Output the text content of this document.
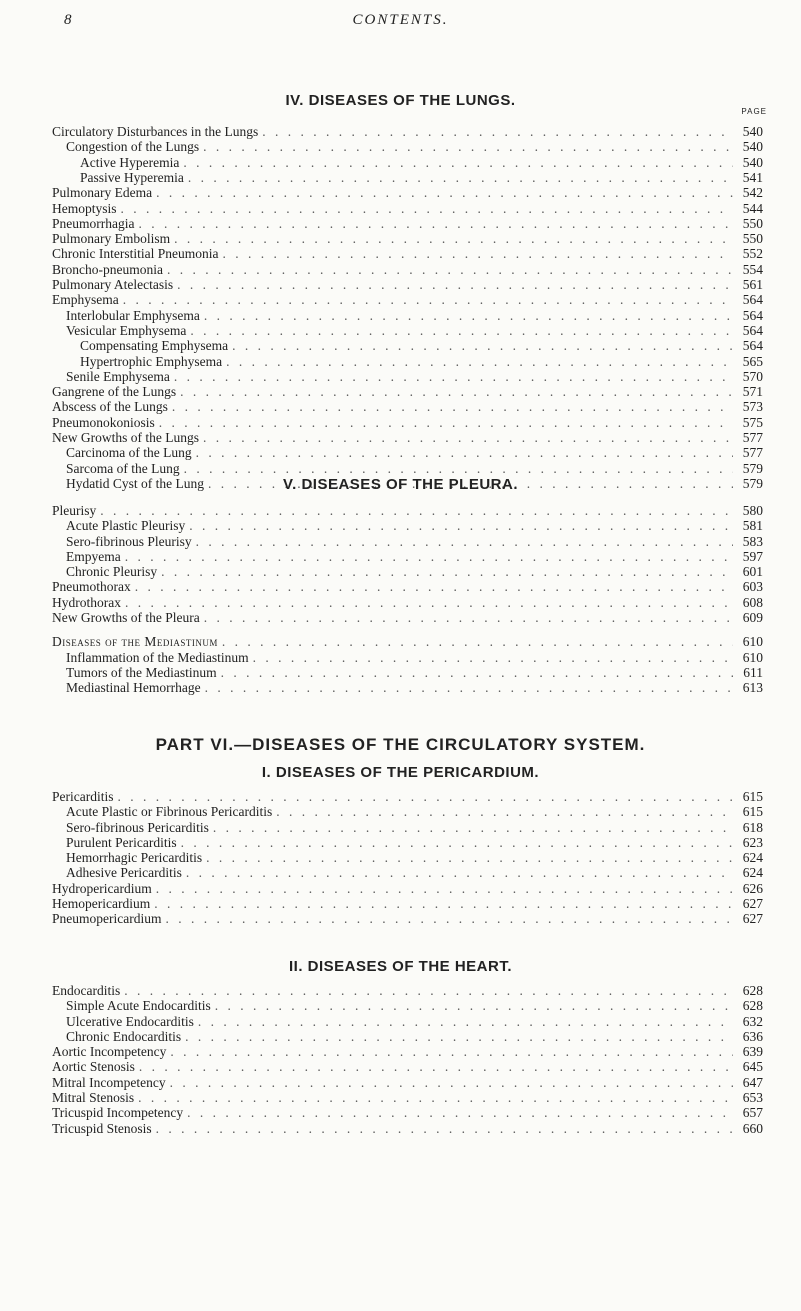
8	CONTENTS.
IV. DISEASES OF THE LUNGS.
PAGE
Circulatory Disturbances in the Lungs . . .	540
Congestion of the Lungs . . .	540
Active Hyperemia . . .	540
Passive Hyperemia . . .	541
Pulmonary Edema . . .	542
Hemoptysis . . .	544
Pneumorrhagia . . .	550
Pulmonary Embolism . . .	550
Chronic Interstitial Pneumonia . . .	552
Broncho-pneumonia . . .	554
Pulmonary Atelectasis . . .	561
Emphysema . . .	564
Interlobular Emphysema . . .	564
Vesicular Emphysema . . .	564
Compensating Emphysema . . .	564
Hypertrophic Emphysema . . .	565
Senile Emphysema . . .	570
Gangrene of the Lungs . . .	571
Abscess of the Lungs . . .	573
Pneumonokoniosis . . .	575
New Growths of the Lungs . . .	577
Carcinoma of the Lung . . .	577
Sarcoma of the Lung . . .	579
Hydatid Cyst of the Lung . . .	579
V. DISEASES OF THE PLEURA.
Pleurisy . . .	580
Acute Plastic Pleurisy . . .	581
Sero-fibrinous Pleurisy . . .	583
Empyema . . .	597
Chronic Pleurisy . . .	601
Pneumothorax . . .	603
Hydrothorax . . .	608
New Growths of the Pleura . . .	609
Diseases of the Mediastinum . . .	610
Inflammation of the Mediastinum . . .	610
Tumors of the Mediastinum . . .	611
Mediastinal Hemorrhage . . .	613
PART VI.—DISEASES OF THE CIRCULATORY SYSTEM.
I. DISEASES OF THE PERICARDIUM.
Pericarditis . . .	615
Acute Plastic or Fibrinous Pericarditis . . .	615
Sero-fibrinous Pericarditis . . .	618
Purulent Pericarditis . . .	623
Hemorrhagic Pericarditis . . .	624
Adhesive Pericarditis . . .	624
Hydropericardium . . .	626
Hemopericardium . . .	627
Pneumopericardium . . .	627
II. DISEASES OF THE HEART.
Endocarditis . . .	628
Simple Acute Endocarditis . . .	628
Ulcerative Endocarditis . . .	632
Chronic Endocarditis . . .	636
Aortic Incompetency . . .	639
Aortic Stenosis . . .	645
Mitral Incompetency . . .	647
Mitral Stenosis . . .	653
Tricuspid Incompetency . . .	657
Tricuspid Stenosis . . .	660
